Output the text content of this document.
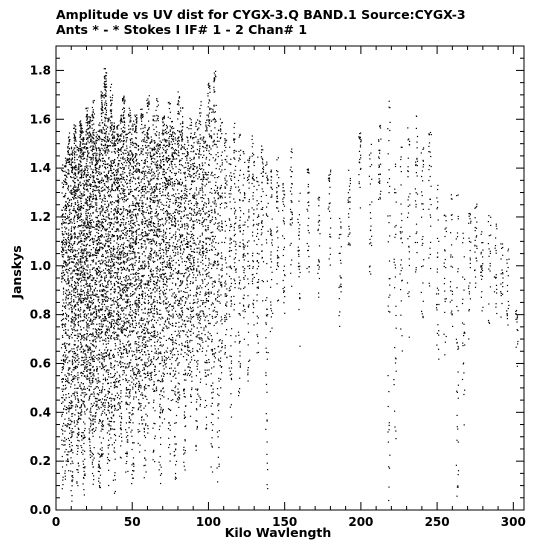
Amplitude vs UV dist for CYGX-3.Q BAND.1 Source:CYGX-3
Ants * - * Stokes I IF# 1 - 2 Chan# 1
0	50	100	150	200	250	300
0.0
0.2
0.4
0.6
0.8
1.0
1.2
1.4
1.6
1.8
Kilo Wavlength
Janskys
